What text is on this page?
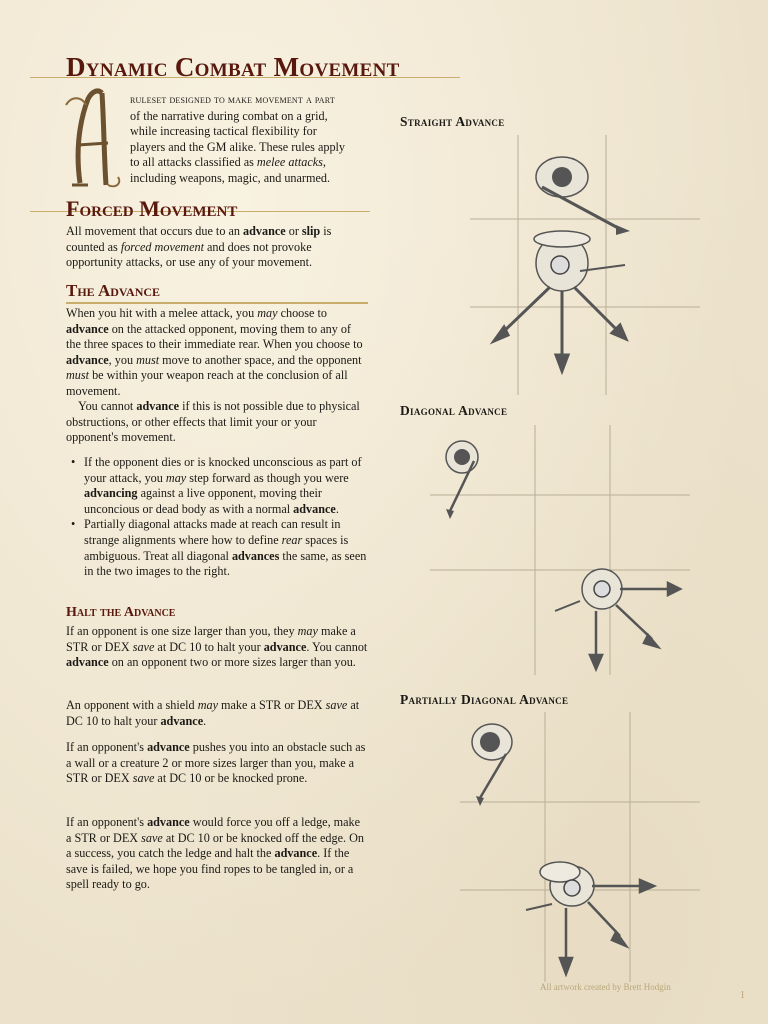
Dynamic Combat Movement
ruleset designed to make movement a part
of the narrative during combat on a grid,
while increasing tactical flexibility for
players and the GM alike. These rules apply
to all attacks classified as melee attacks,
including weapons, magic, and unarmed.
Forced Movement

All movement that occurs due to an advance or slip is counted as forced movement and does not provoke opportunity attacks, or use any of your movement.

The Advance

When you hit with a melee attack, you may choose to advance on the attacked opponent, moving them to any of the three spaces to their immediate rear. When you choose to advance, you must move to another space, and the opponent must be within your weapon reach at the conclusion of all movement.

You cannot advance if this is not possible due to physical obstructions, or other effects that limit your or your opponent's movement.

• If the opponent dies or is knocked unconscious as part of your attack, you may step forward as though you were advancing against a live opponent, moving their unconcious or dead body as with a normal advance.
• Partially diagonal attacks made at reach can result in strange alignments where how to define rear spaces is ambiguous. Treat all diagonal advances the same, as seen in the two images to the right.
Halt the Advance

If an opponent is one size larger than you, they may make a STR or DEX save at DC 10 to halt your advance. You cannot advance on an opponent two or more sizes larger than you.

An opponent with a shield may make a STR or DEX save at DC 10 to halt your advance.

If an opponent's advance pushes you into an obstacle such as a wall or a creature 2 or more sizes larger than you, make a STR or DEX save at DC 10 or be knocked prone.

If an opponent's advance would force you off a ledge, make a STR or DEX save at DC 10 or be knocked off the edge. On a success, you catch the ledge and halt the advance. If the save is failed, we hope you find ropes to be tangled in, or a spell ready to go.

Straight Advance
Diagonal Advance
Partially Diagonal Advance
All artwork created by Brett Hodgin
1
